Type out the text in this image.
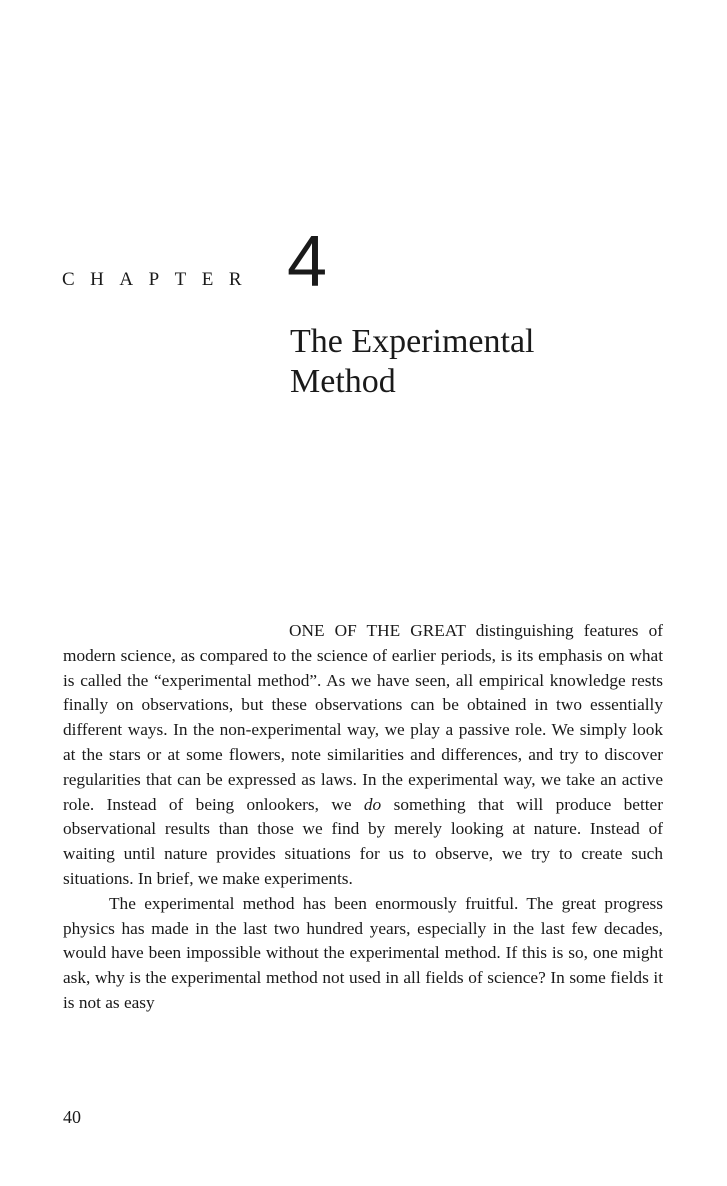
CHAPTER 4
The Experimental
Method

ONE OF THE GREAT distinguishing features of modern science, as compared to the science of earlier periods, is its emphasis on what is called the “experimental method”. As we have seen, all empirical knowledge rests finally on observations, but these observations can be obtained in two essentially different ways. In the non-experimental way, we play a passive role. We simply look at the stars or at some flowers, note similarities and differences, and try to discover regularities that can be expressed as laws. In the experimental way, we take an active role. Instead of being onlookers, we do something that will produce better observational results than those we find by merely looking at nature. Instead of waiting until nature provides situations for us to observe, we try to create such situations. In brief, we make experiments.

The experimental method has been enormously fruitful. The great progress physics has made in the last two hundred years, especially in the last few decades, would have been impossible without the experimental method. If this is so, one might ask, why is the experimental method not used in all fields of science? In some fields it is not as easy

40
